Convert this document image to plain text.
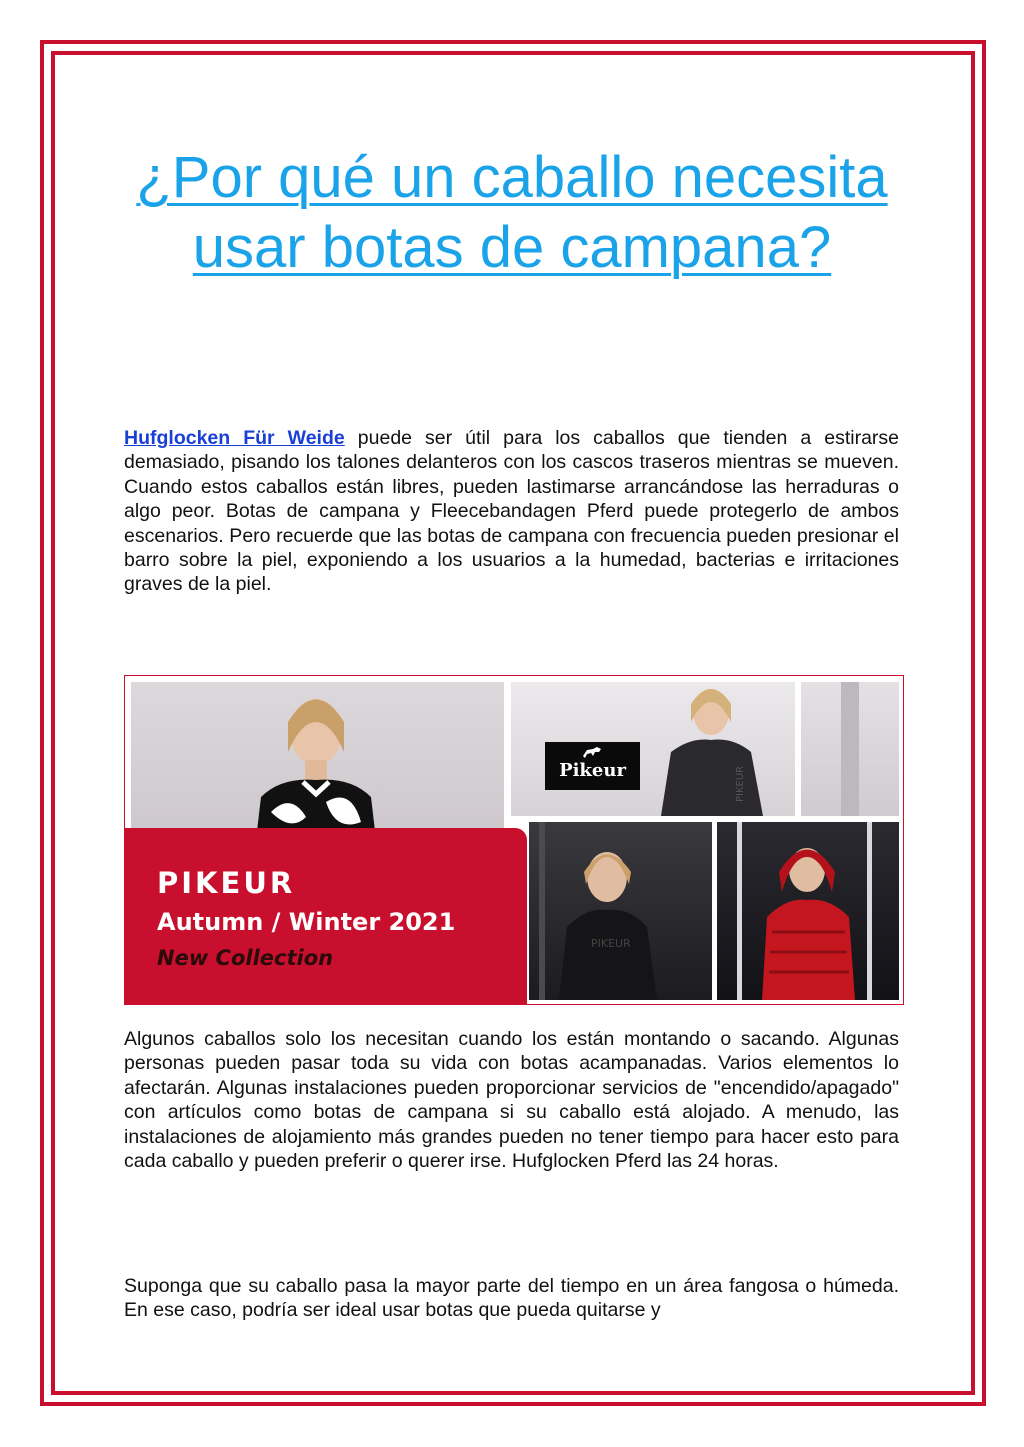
¿Por qué un caballo necesita usar botas de campana?

Hufglocken Für Weide puede ser útil para los caballos que tienden a estirarse demasiado, pisando los talones delanteros con los cascos traseros mientras se mueven. Cuando estos caballos están libres, pueden lastimarse arrancándose las herraduras o algo peor. Botas de campana y Fleecebandagen Pferd puede protegerlo de ambos escenarios. Pero recuerde que las botas de campana con frecuencia pueden presionar el barro sobre la piel, exponiendo a los usuarios a la humedad, bacterias e irritaciones graves de la piel.

PIKEUR
Pikeur
PIKEUR

PIKEUR

Autumn / Winter 2021

New Collection

Algunos caballos solo los necesitan cuando los están montando o sacando. Algunas personas pueden pasar toda su vida con botas acampanadas. Varios elementos lo afectarán. Algunas instalaciones pueden proporcionar servicios de "encendido/apagado" con artículos como botas de campana si su caballo está alojado. A menudo, las instalaciones de alojamiento más grandes pueden no tener tiempo para hacer esto para cada caballo y pueden preferir o querer irse. Hufglocken Pferd las 24 horas.

Suponga que su caballo pasa la mayor parte del tiempo en un área fangosa o húmeda. En ese caso, podría ser ideal usar botas que pueda quitarse y
